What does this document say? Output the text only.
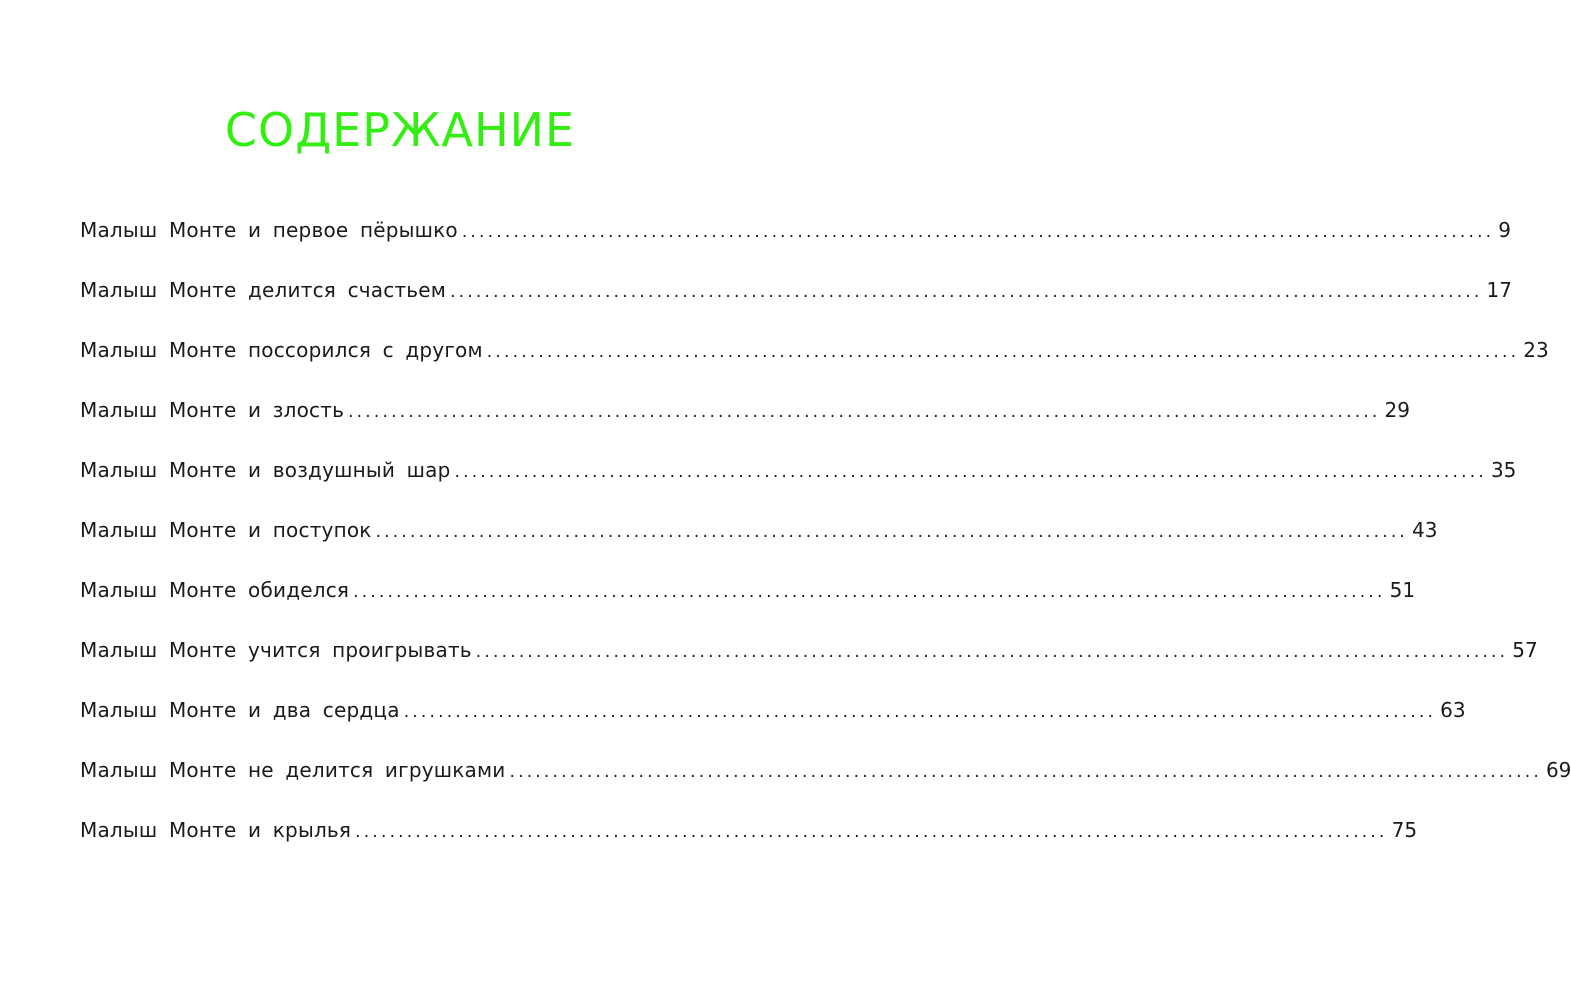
СОДЕРЖАНИЕ
Малыш Монте и первое пёрышко ........................................................................................................................ 9
Малыш Монте делится счастьем ........................................................................................................................ 17
Малыш Монте поссорился с другом ........................................................................................................................ 23
Малыш Монте и злость ........................................................................................................................ 29
Малыш Монте и воздушный шар ........................................................................................................................ 35
Малыш Монте и поступок ........................................................................................................................ 43
Малыш Монте обиделся ........................................................................................................................ 51
Малыш Монте учится проигрывать ........................................................................................................................ 57
Малыш Монте и два сердца ........................................................................................................................ 63
Малыш Монте не делится игрушками ........................................................................................................................ 69
Малыш Монте и крылья ........................................................................................................................ 75
